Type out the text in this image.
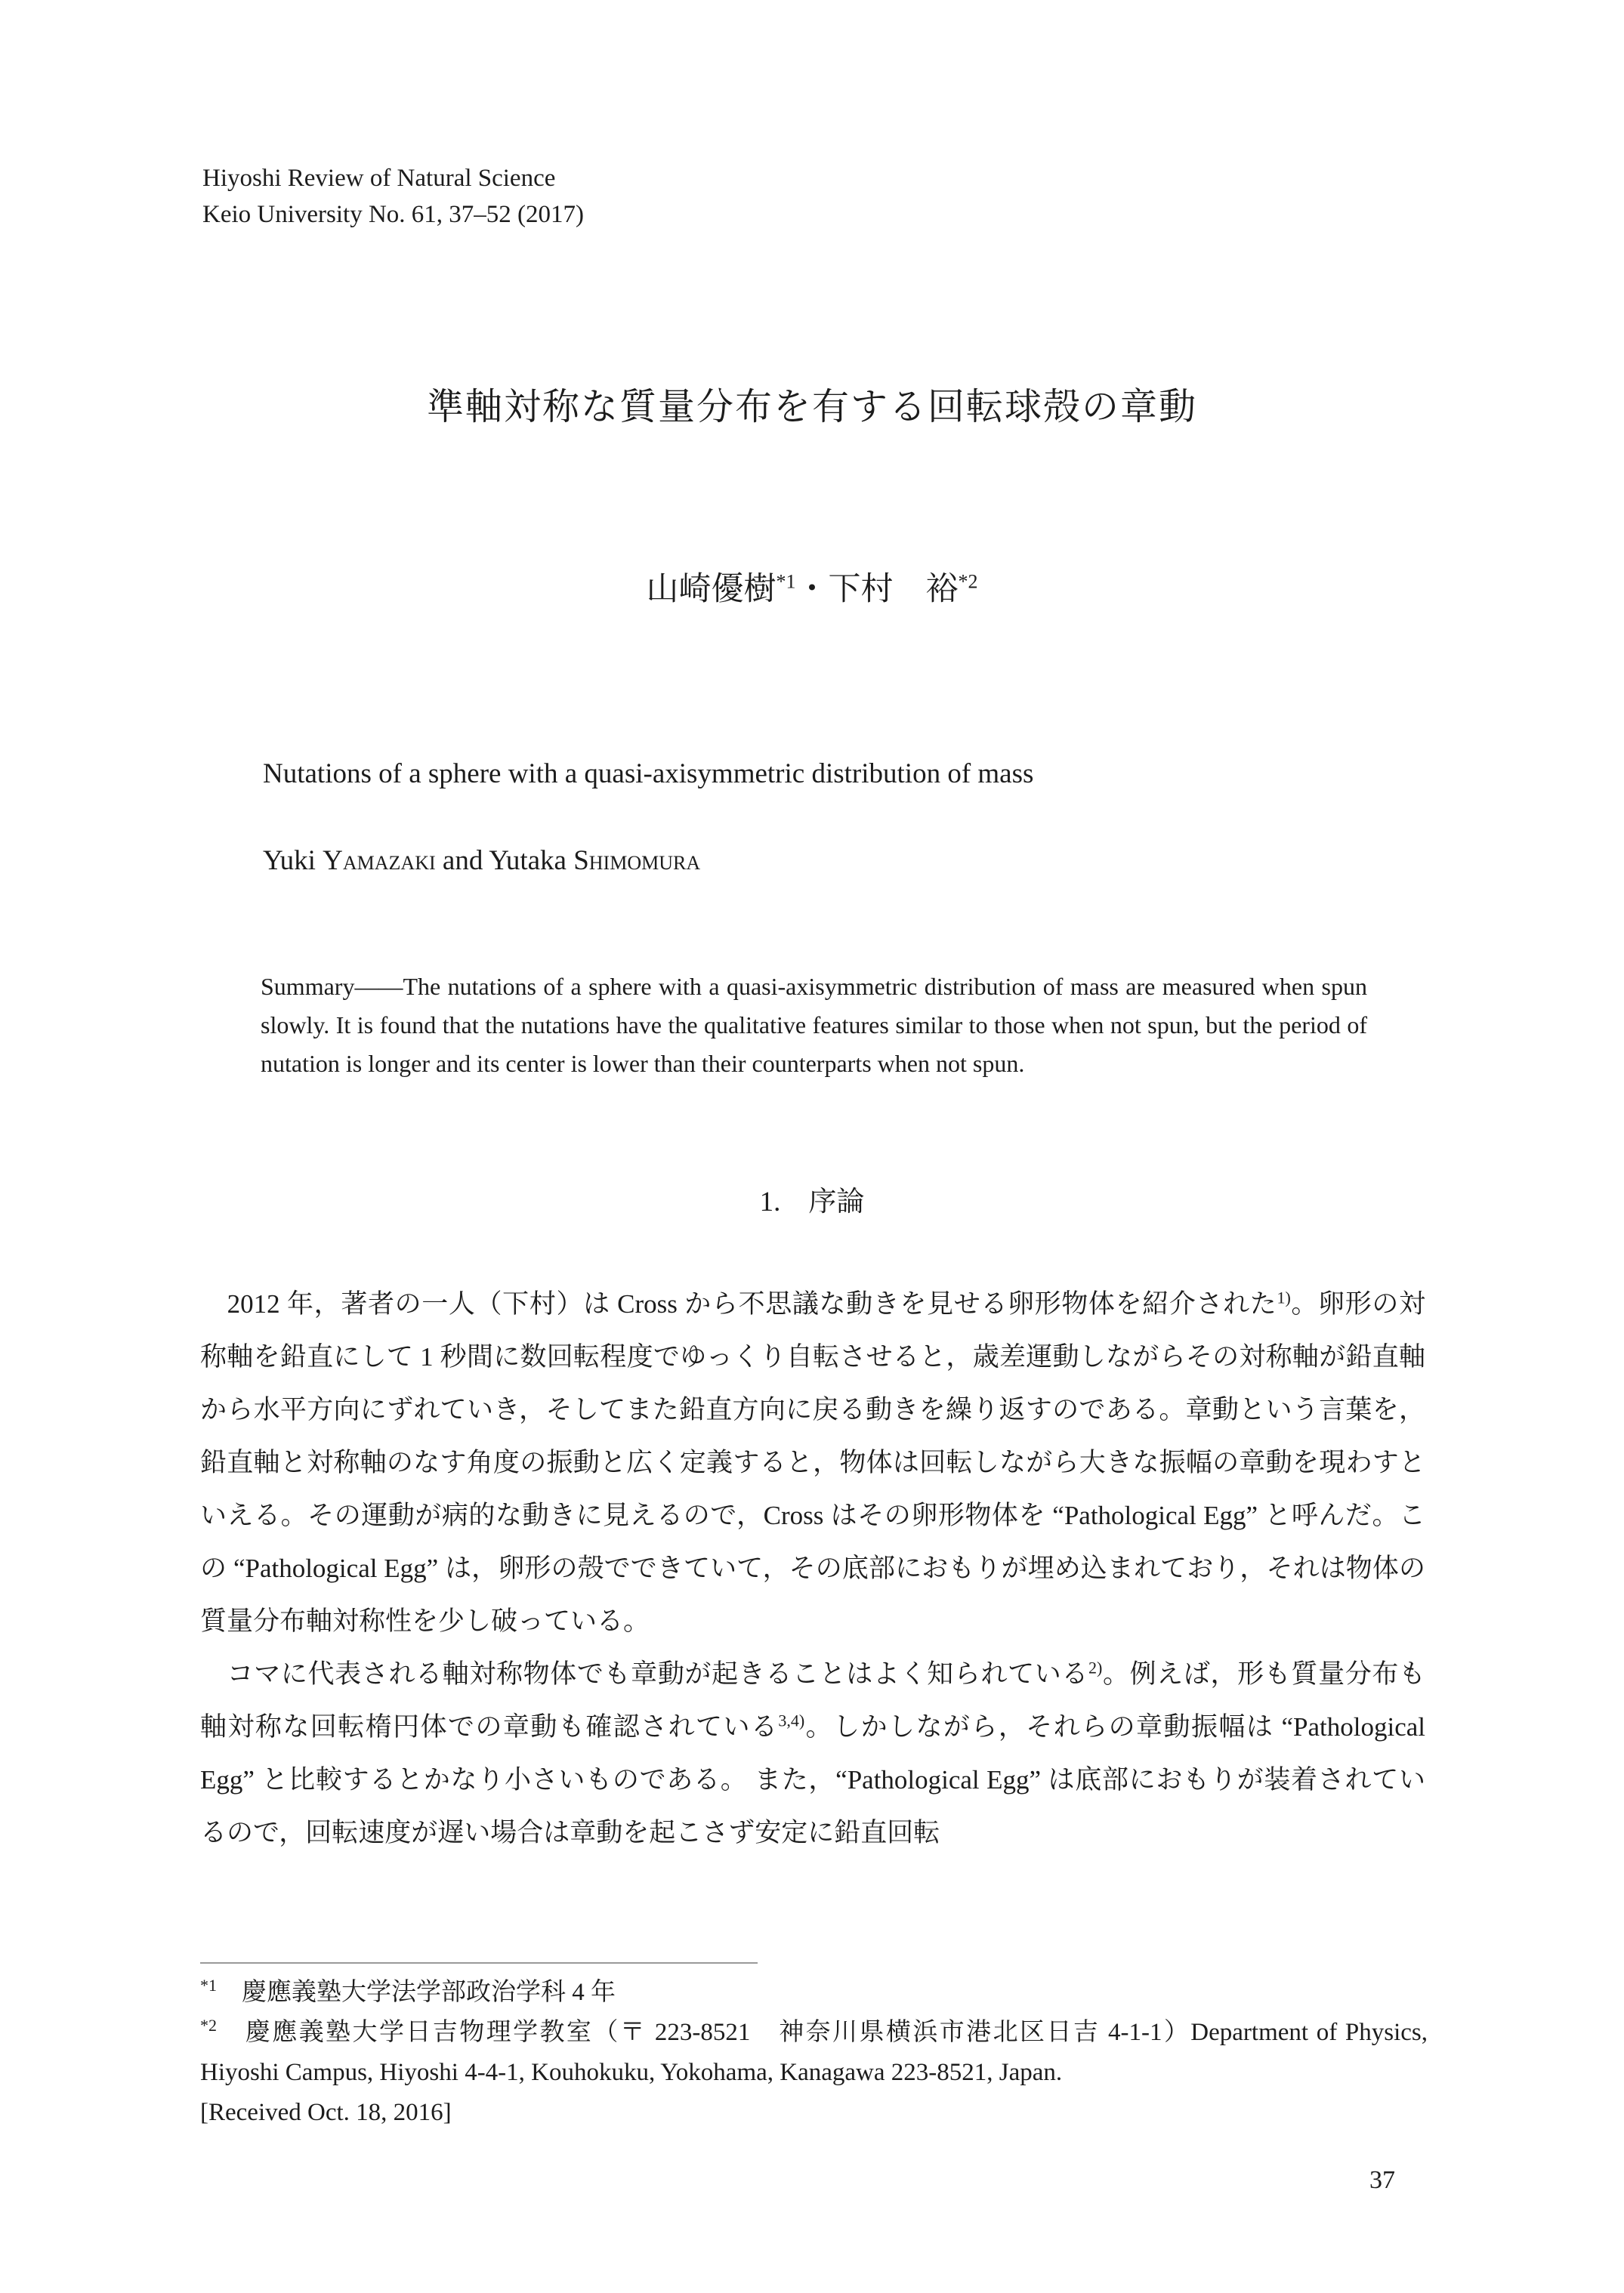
Hiyoshi Review of Natural Science
Keio University No. 61, 37–52 (2017)
準軸対称な質量分布を有する回転球殻の章動
山崎優樹$^{*1}$・下村　裕$^{*2}$
Nutations of a sphere with a quasi-axisymmetric distribution of mass
Yuki Yamazaki and Yutaka Shimomura

Summary——The nutations of a sphere with a quasi-axisymmetric distribution of mass are measured when spun slowly. It is found that the nutations have the qualitative features similar to those when not spun, but the period of nutation is longer and its center is lower than their counterparts when not spun.

1.　序論

　2012 年，著者の一人（下村）は Cross から不思議な動きを見せる卵形物体を紹介された$^{1)}$。卵形の対称軸を鉛直にして 1 秒間に数回転程度でゆっくり自転させると，歳差運動しながらその対称軸が鉛直軸から水平方向にずれていき，そしてまた鉛直方向に戻る動きを繰り返すのである。章動という言葉を，鉛直軸と対称軸のなす角度の振動と広く定義すると，物体は回転しながら大きな振幅の章動を現わすといえる。その運動が病的な動きに見えるので，Cross はその卵形物体を “Pathological Egg” と呼んだ。この “Pathological Egg” は，卵形の殻でできていて，その底部におもりが埋め込まれており，それは物体の質量分布軸対称性を少し破っている。

　コマに代表される軸対称物体でも章動が起きることはよく知られている$^{2)}$。例えば，形も質量分布も軸対称な回転楕円体での章動も確認されている$^{3,4)}$。しかしながら，それらの章動振幅は “Pathological Egg” と比較するとかなり小さいものである。 また，“Pathological Egg” は底部におもりが装着されているので，回転速度が遅い場合は章動を起こさず安定に鉛直回転

$^{*1}$　慶應義塾大学法学部政治学科 4 年

$^{*2}$　慶應義塾大学日吉物理学教室（〒 223-8521　神奈川県横浜市港北区日吉 4-1-1）Department of Physics, Hiyoshi Campus, Hiyoshi 4-4-1, Kouhokuku, Yokohama, Kanagawa 223-8521, Japan.

[Received Oct. 18, 2016]

37
